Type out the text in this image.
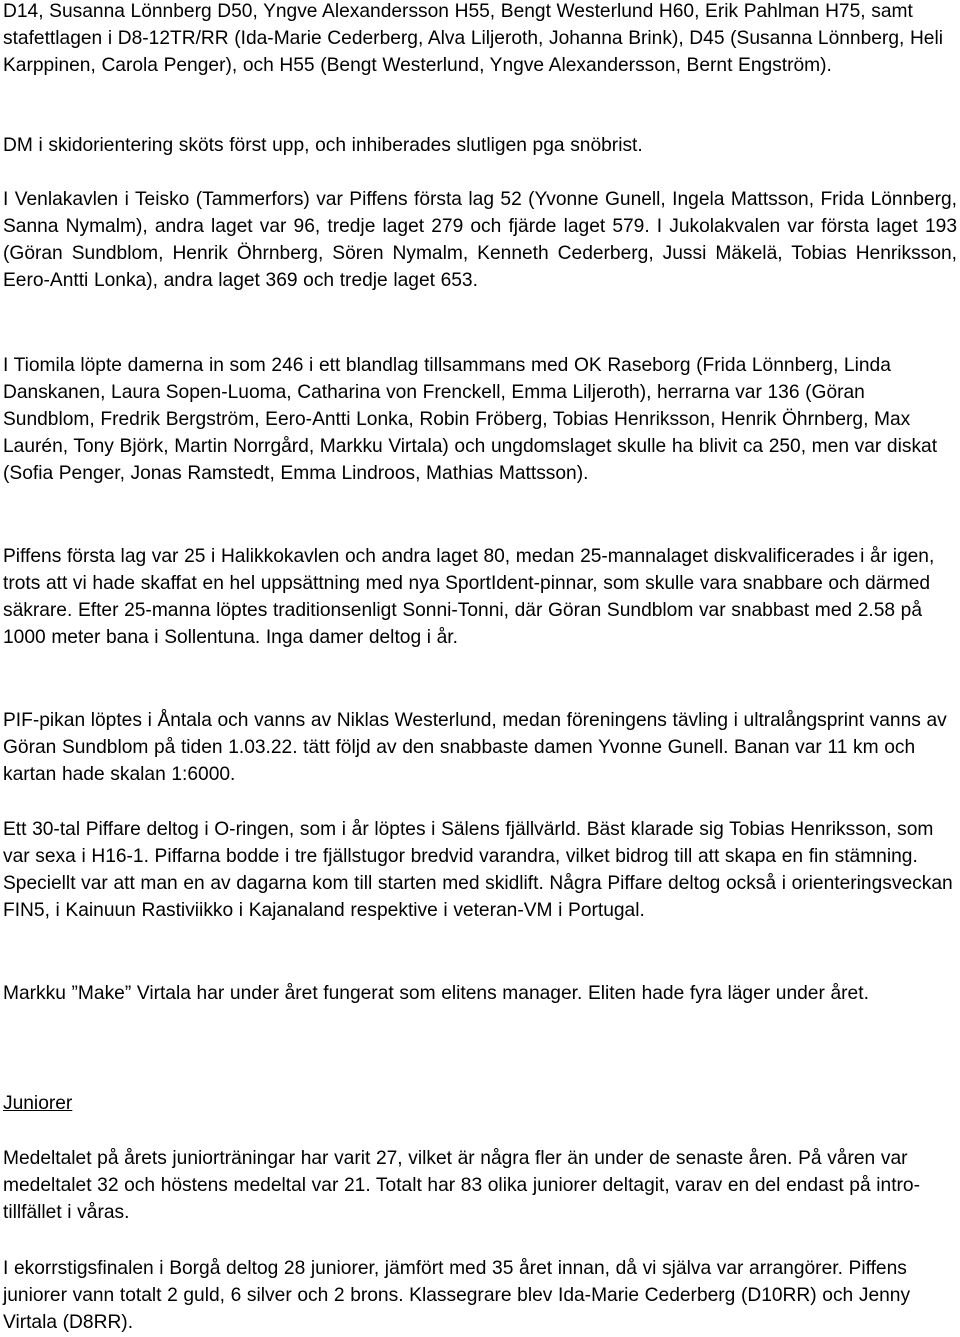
D14, Susanna Lönnberg D50, Yngve Alexandersson H55, Bengt Westerlund H60, Erik Pahlman H75, samt stafettlagen i D8-12TR/RR (Ida-Marie Cederberg, Alva Liljeroth, Johanna Brink), D45 (Susanna Lönnberg, Heli Karppinen, Carola Penger), och H55 (Bengt Westerlund, Yngve Alexandersson, Bernt Engström).

DM i skidorientering sköts först upp, och inhiberades slutligen pga snöbrist.

I Venlakavlen i Teisko (Tammerfors) var Piffens första lag 52 (Yvonne Gunell, Ingela Mattsson, Frida Lönnberg, Sanna Nymalm), andra laget var 96, tredje laget 279 och fjärde laget 579. I Jukolakvalen var första laget 193 (Göran Sundblom, Henrik Öhrnberg, Sören Nymalm, Kenneth Cederberg, Jussi Mäkelä, Tobias Henriksson, Eero-Antti Lonka), andra laget 369 och tredje laget 653.

I Tiomila löpte damerna in som 246 i ett blandlag tillsammans med OK Raseborg (Frida Lönnberg, Linda Danskanen, Laura Sopen-Luoma, Catharina von Frenckell, Emma Liljeroth), herrarna var 136 (Göran Sundblom, Fredrik Bergström, Eero-Antti Lonka, Robin Fröberg, Tobias Henriksson, Henrik Öhrnberg, Max Laurén, Tony Björk, Martin Norrgård, Markku Virtala) och ungdomslaget skulle ha blivit ca 250, men var diskat (Sofia Penger, Jonas Ramstedt, Emma Lindroos, Mathias Mattsson).

Piffens första lag var 25 i Halikkokavlen och andra laget 80, medan 25-mannalaget diskvalificerades i år igen, trots att vi hade skaffat en hel uppsättning med nya SportIdent-pinnar, som skulle vara snabbare och därmed säkrare. Efter 25-manna löptes traditionsenligt Sonni-Tonni, där Göran Sundblom var snabbast med 2.58 på 1000 meter bana i Sollentuna. Inga damer deltog i år.

PIF-pikan löptes i Åntala och vanns av Niklas Westerlund, medan föreningens tävling i ultralångsprint vanns av Göran Sundblom på tiden 1.03.22. tätt följd av den snabbaste damen Yvonne Gunell. Banan var 11 km och kartan hade skalan 1:6000.

Ett 30-tal Piffare deltog i O-ringen, som i år löptes i Sälens fjällvärld. Bäst klarade sig Tobias Henriksson, som var sexa i H16-1. Piffarna bodde i tre fjällstugor bredvid varandra, vilket bidrog till att skapa en fin stämning. Speciellt var att man en av dagarna kom till starten med skidlift. Några Piffare deltog också i orienteringsveckan FIN5, i Kainuun Rastiviikko i Kajanaland respektive i veteran-VM i Portugal.

Markku ”Make” Virtala har under året fungerat som elitens manager. Eliten hade fyra läger under året.

Juniorer

Medeltalet på årets juniorträningar har varit 27, vilket är några fler än under de senaste åren. På våren var medeltalet 32 och höstens medeltal var 21. Totalt har 83 olika juniorer deltagit, varav en del endast på intro-tillfället i våras.

I ekorrstigsfinalen i Borgå deltog 28 juniorer, jämfört med 35 året innan, då vi själva var arrangörer. Piffens juniorer vann totalt 2 guld, 6 silver och 2 brons. Klassegrare blev Ida-Marie Cederberg (D10RR) och Jenny Virtala (D8RR).
